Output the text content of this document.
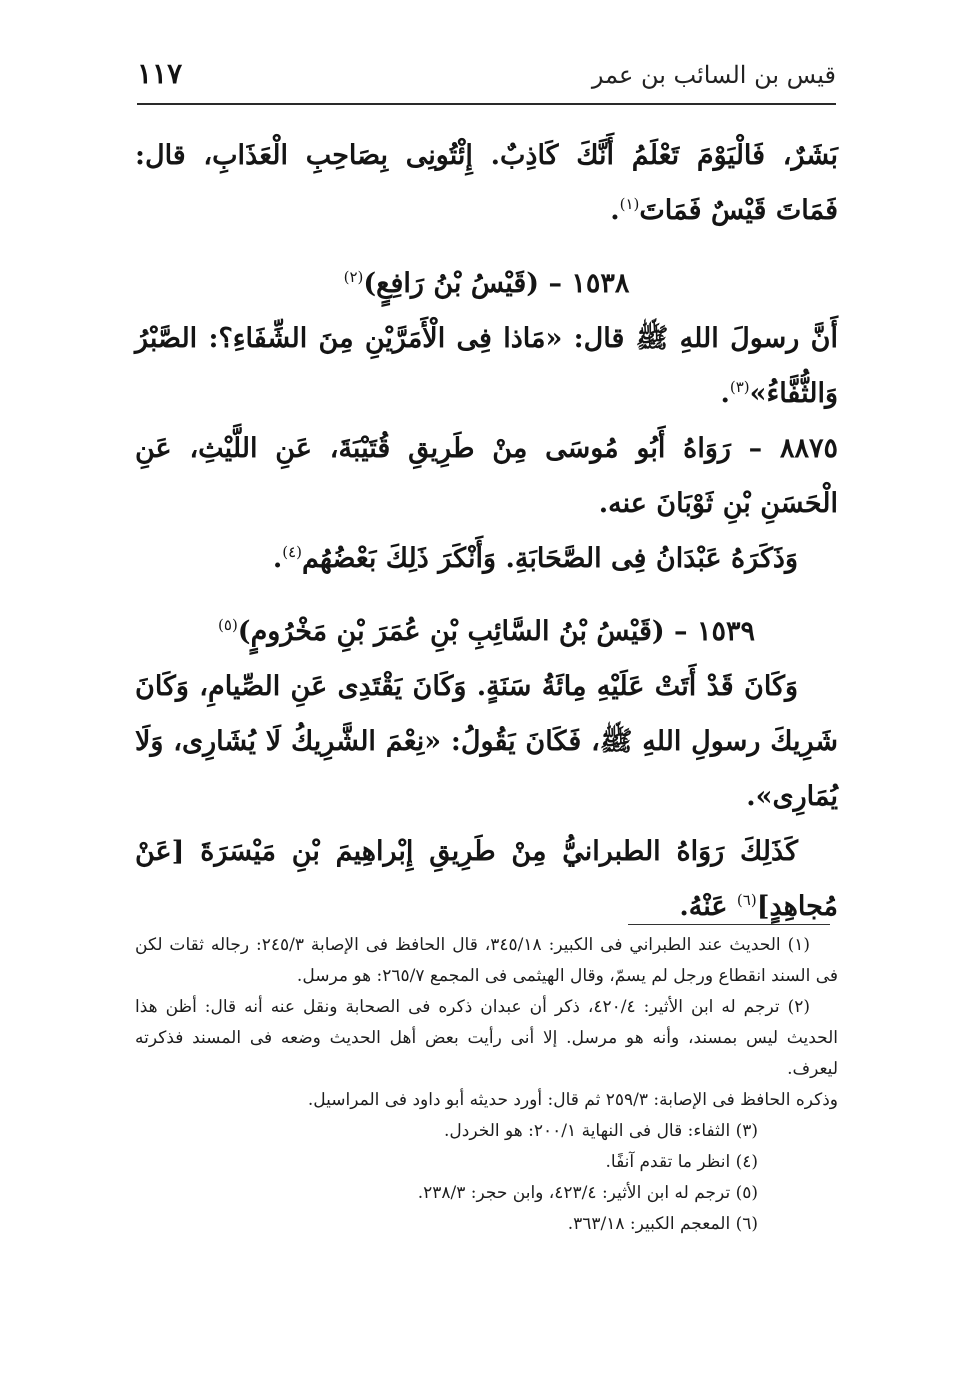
قيس بن السائب بن عمر
١١٧

بَشَرٌ، فَالْيَوْمَ تَعْلَمُ أَنَّكَ كَاذِبٌ. إِئْتُونِى بِصَاحِبِ الْعَذَابِ، قال: فَمَاتَ قَيْسٌ فَمَاتَ$^{(١)}$.

١٥٣٨ – (قَيْسُ بْنُ رَافِعٍ)$^{(٢)}$

أَنَّ رسولَ اللهِ ﷺ قال: «مَاذا فِى الْأَمَرَّيْنِ مِنَ الشِّفَاءِ؟: الصَّبْرُ وَالثُّفَّاءُ»$^{(٣)}$.

٨٨٧٥ – رَوَاهُ أَبُو مُوسَى مِنْ طَرِيقِ قُتَيْبَةَ، عَنِ اللَّيْثِ، عَنِ الْحَسَنِ بْنِ ثَوْبَانَ عنه.

وَذَكَرَهُ عَبْدَانُ فِى الصَّحَابَةِ. وَأَنْكَرَ ذَلِكَ بَعْضُهُم$^{(٤)}$.

١٥٣٩ – (قَيْسُ بْنُ السَّائِبِ بْنِ عُمَرَ بْنِ مَخْرُومٍ)$^{(٥)}$

وَكَانَ قَدْ أَتَتْ عَلَيْهِ مِائَةُ سَنَةٍ. وَكَانَ يَقْتَدِى عَنِ الصِّيامِ، وَكَانَ شَرِيكَ رسولِ اللهِ ﷺ، فَكَانَ يَقُولُ: «نِعْمَ الشَّرِيكُ لَا يُشَارِى، وَلَا يُمَارِى».

كَذَلِكَ رَوَاهُ الطبرانيُّ مِنْ طَرِيقِ إِبْراهِيمَ بْنِ مَيْسَرَةَ [عَنْ مُجاهِدٍ]$^{(٦)}$ عَنْهُ.

(١) الحديث عند الطبراني فى الكبير: ٣٤٥/١٨، قال الحافظ فى الإصابة ٢٤٥/٣: رجاله ثقات لكن فى السند انقطاع ورجل لم يسمّ، وقال الهيثمى فى المجمع ٢٦٥/٧: هو مرسل.

(٢) ترجم له ابن الأثير: ٤٢٠/٤، ذكر أن عبدان ذكره فى الصحابة ونقل عنه أنه قال: أظن هذا الحديث ليس بمسند، وأنه هو مرسل. إلا أنى رأيت بعض أهل الحديث وضعه فى المسند فذكرته ليعرف.

وذكره الحافظ فى الإصابة: ٢٥٩/٣ ثم قال: أورد حديثه أبو داود فى المراسيل.

(٣) الثفاء: قال فى النهاية ٢٠٠/١: هو الخردل.

(٤) انظر ما تقدم آنفًا.

(٥) ترجم له ابن الأثير: ٤٢٣/٤، وابن حجر: ٢٣٨/٣.

(٦) المعجم الكبير: ٣٦٣/١٨.
